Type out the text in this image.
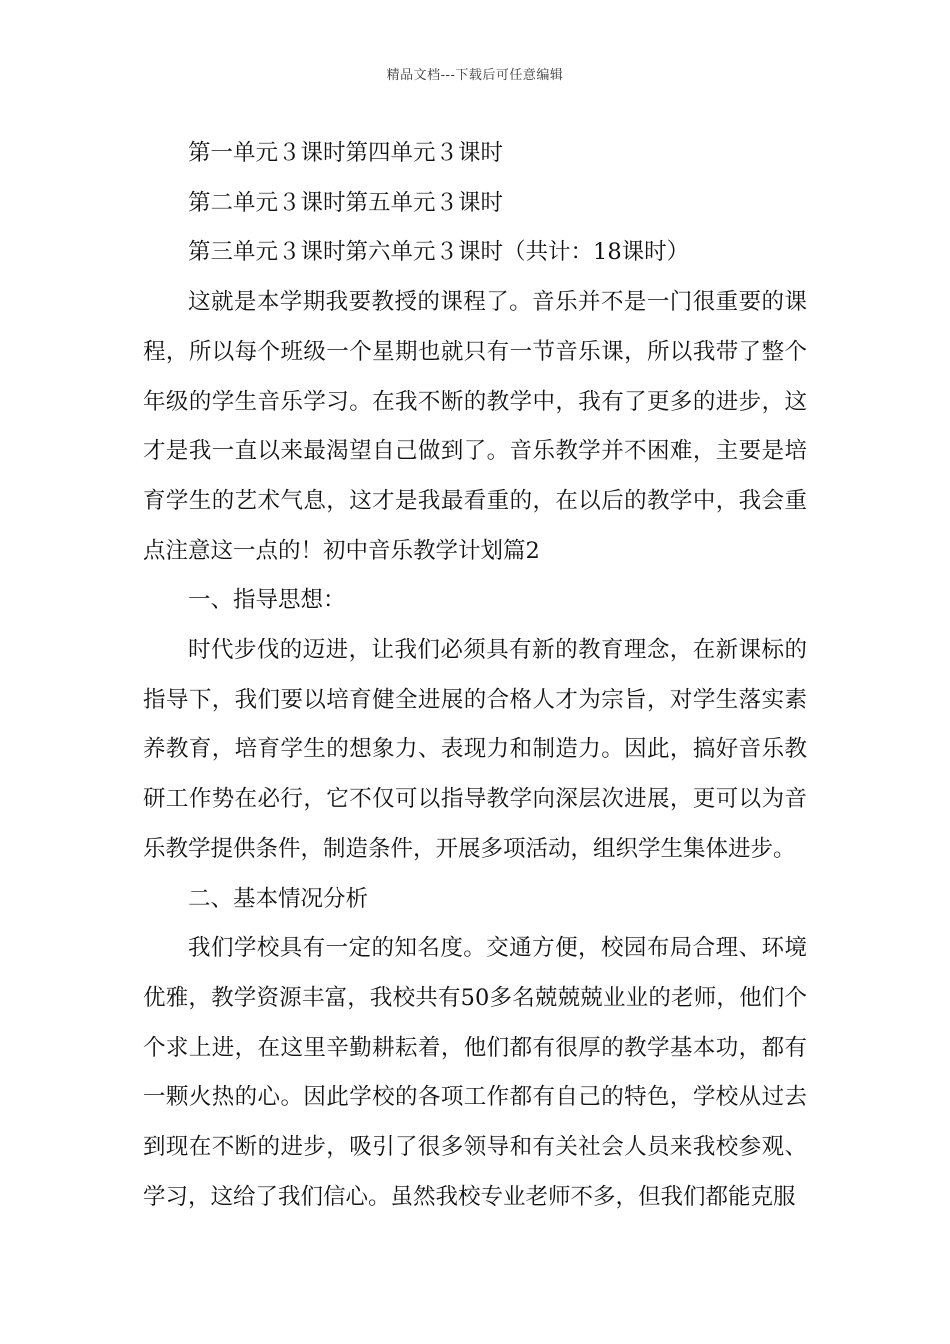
精品文档---下载后可任意编辑

第一单元３课时第四单元３课时

第二单元３课时第五单元３课时

第三单元３课时第六单元３课时（共计：18课时）

这就是本学期我要教授的课程了。音乐并不是一门很重要的课程，所以每个班级一个星期也就只有一节音乐课，所以我带了整个年级的学生音乐学习。在我不断的教学中，我有了更多的进步，这才是我一直以来最渴望自己做到了。音乐教学并不困难，主要是培育学生的艺术气息，这才是我最看重的，在以后的教学中，我会重点注意这一点的！初中音乐教学计划篇2

一、指导思想：

时代步伐的迈进，让我们必须具有新的教育理念，在新课标的指导下，我们要以培育健全进展的合格人才为宗旨，对学生落实素养教育，培育学生的想象力、表现力和制造力。因此，搞好音乐教研工作势在必行，它不仅可以指导教学向深层次进展，更可以为音乐教学提供条件，制造条件，开展多项活动，组织学生集体进步。

二、基本情况分析

我们学校具有一定的知名度。交通方便，校园布局合理、环境优雅，教学资源丰富，我校共有50多名兢兢兢业业的老师，他们个个求上进，在这里辛勤耕耘着，他们都有很厚的教学基本功，都有一颗火热的心。因此学校的各项工作都有自己的特色，学校从过去到现在不断的进步，吸引了很多领导和有关社会人员来我校参观、学习，这给了我们信心。虽然我校专业老师不多，但我们都能克服
